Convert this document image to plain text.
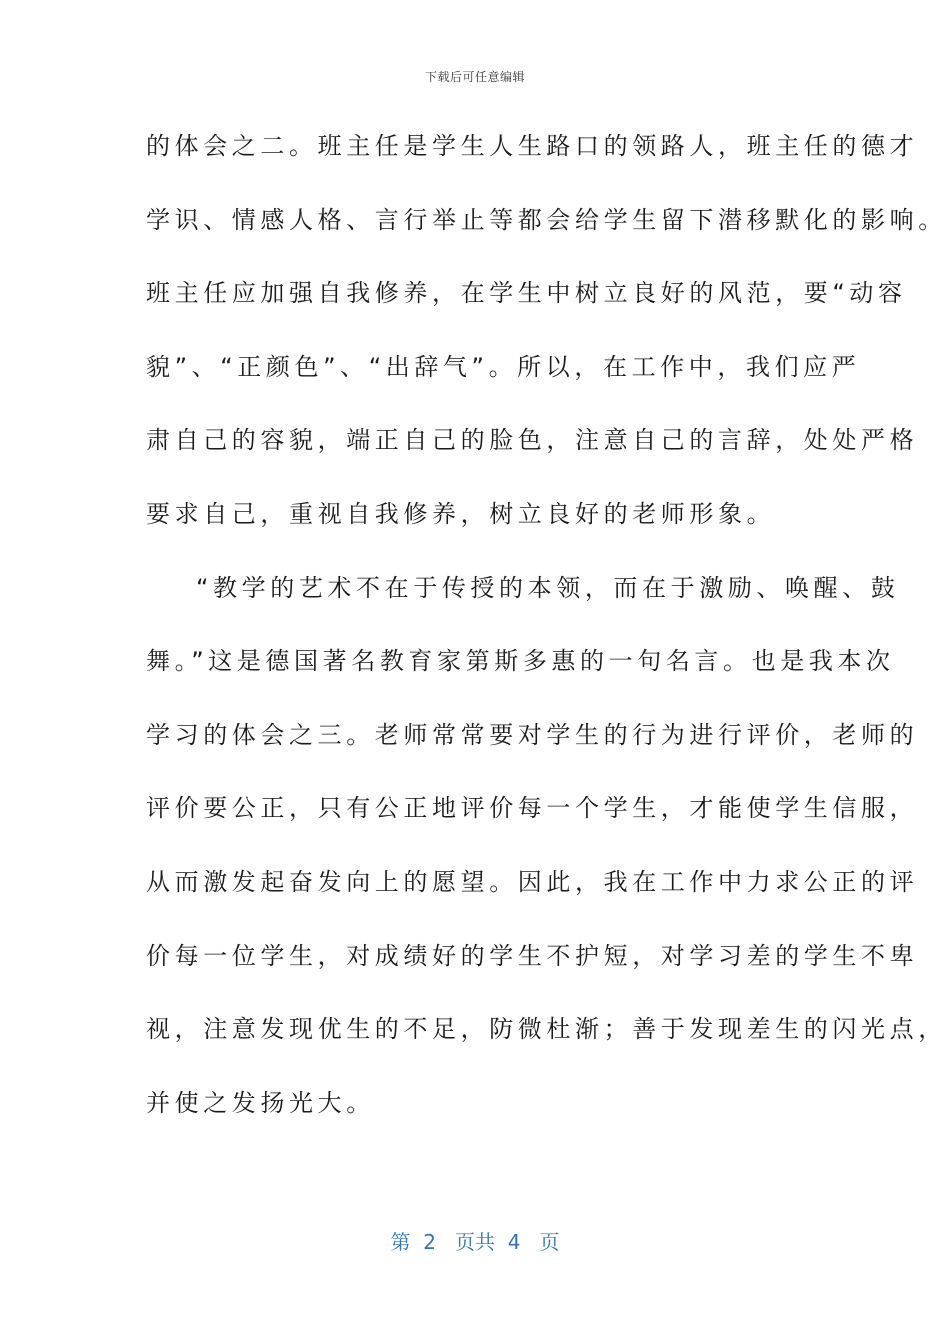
下载后可任意编辑
的体会之二。班主任是学生人生路口的领路人，班主任的德才
学识、情感人格、言行举止等都会给学生留下潜移默化的影响。
班主任应加强自我修养，在学生中树立良好的风范，要“动容
貌”、“正颜色”、“出辞气”。所以，在工作中，我们应严
肃自己的容貌，端正自己的脸色，注意自己的言辞，处处严格
要求自己，重视自我修养，树立良好的老师形象。
“教学的艺术不在于传授的本领，而在于激励、唤醒、鼓
舞。”这是德国著名教育家第斯多惠的一句名言。也是我本次
学习的体会之三。老师常常要对学生的行为进行评价，老师的
评价要公正，只有公正地评价每一个学生，才能使学生信服，
从而激发起奋发向上的愿望。因此，我在工作中力求公正的评
价每一位学生，对成绩好的学生不护短，对学习差的学生不卑
视，注意发现优生的不足，防微杜渐；善于发现差生的闪光点，
并使之发扬光大。
第  2   页共  4   页
